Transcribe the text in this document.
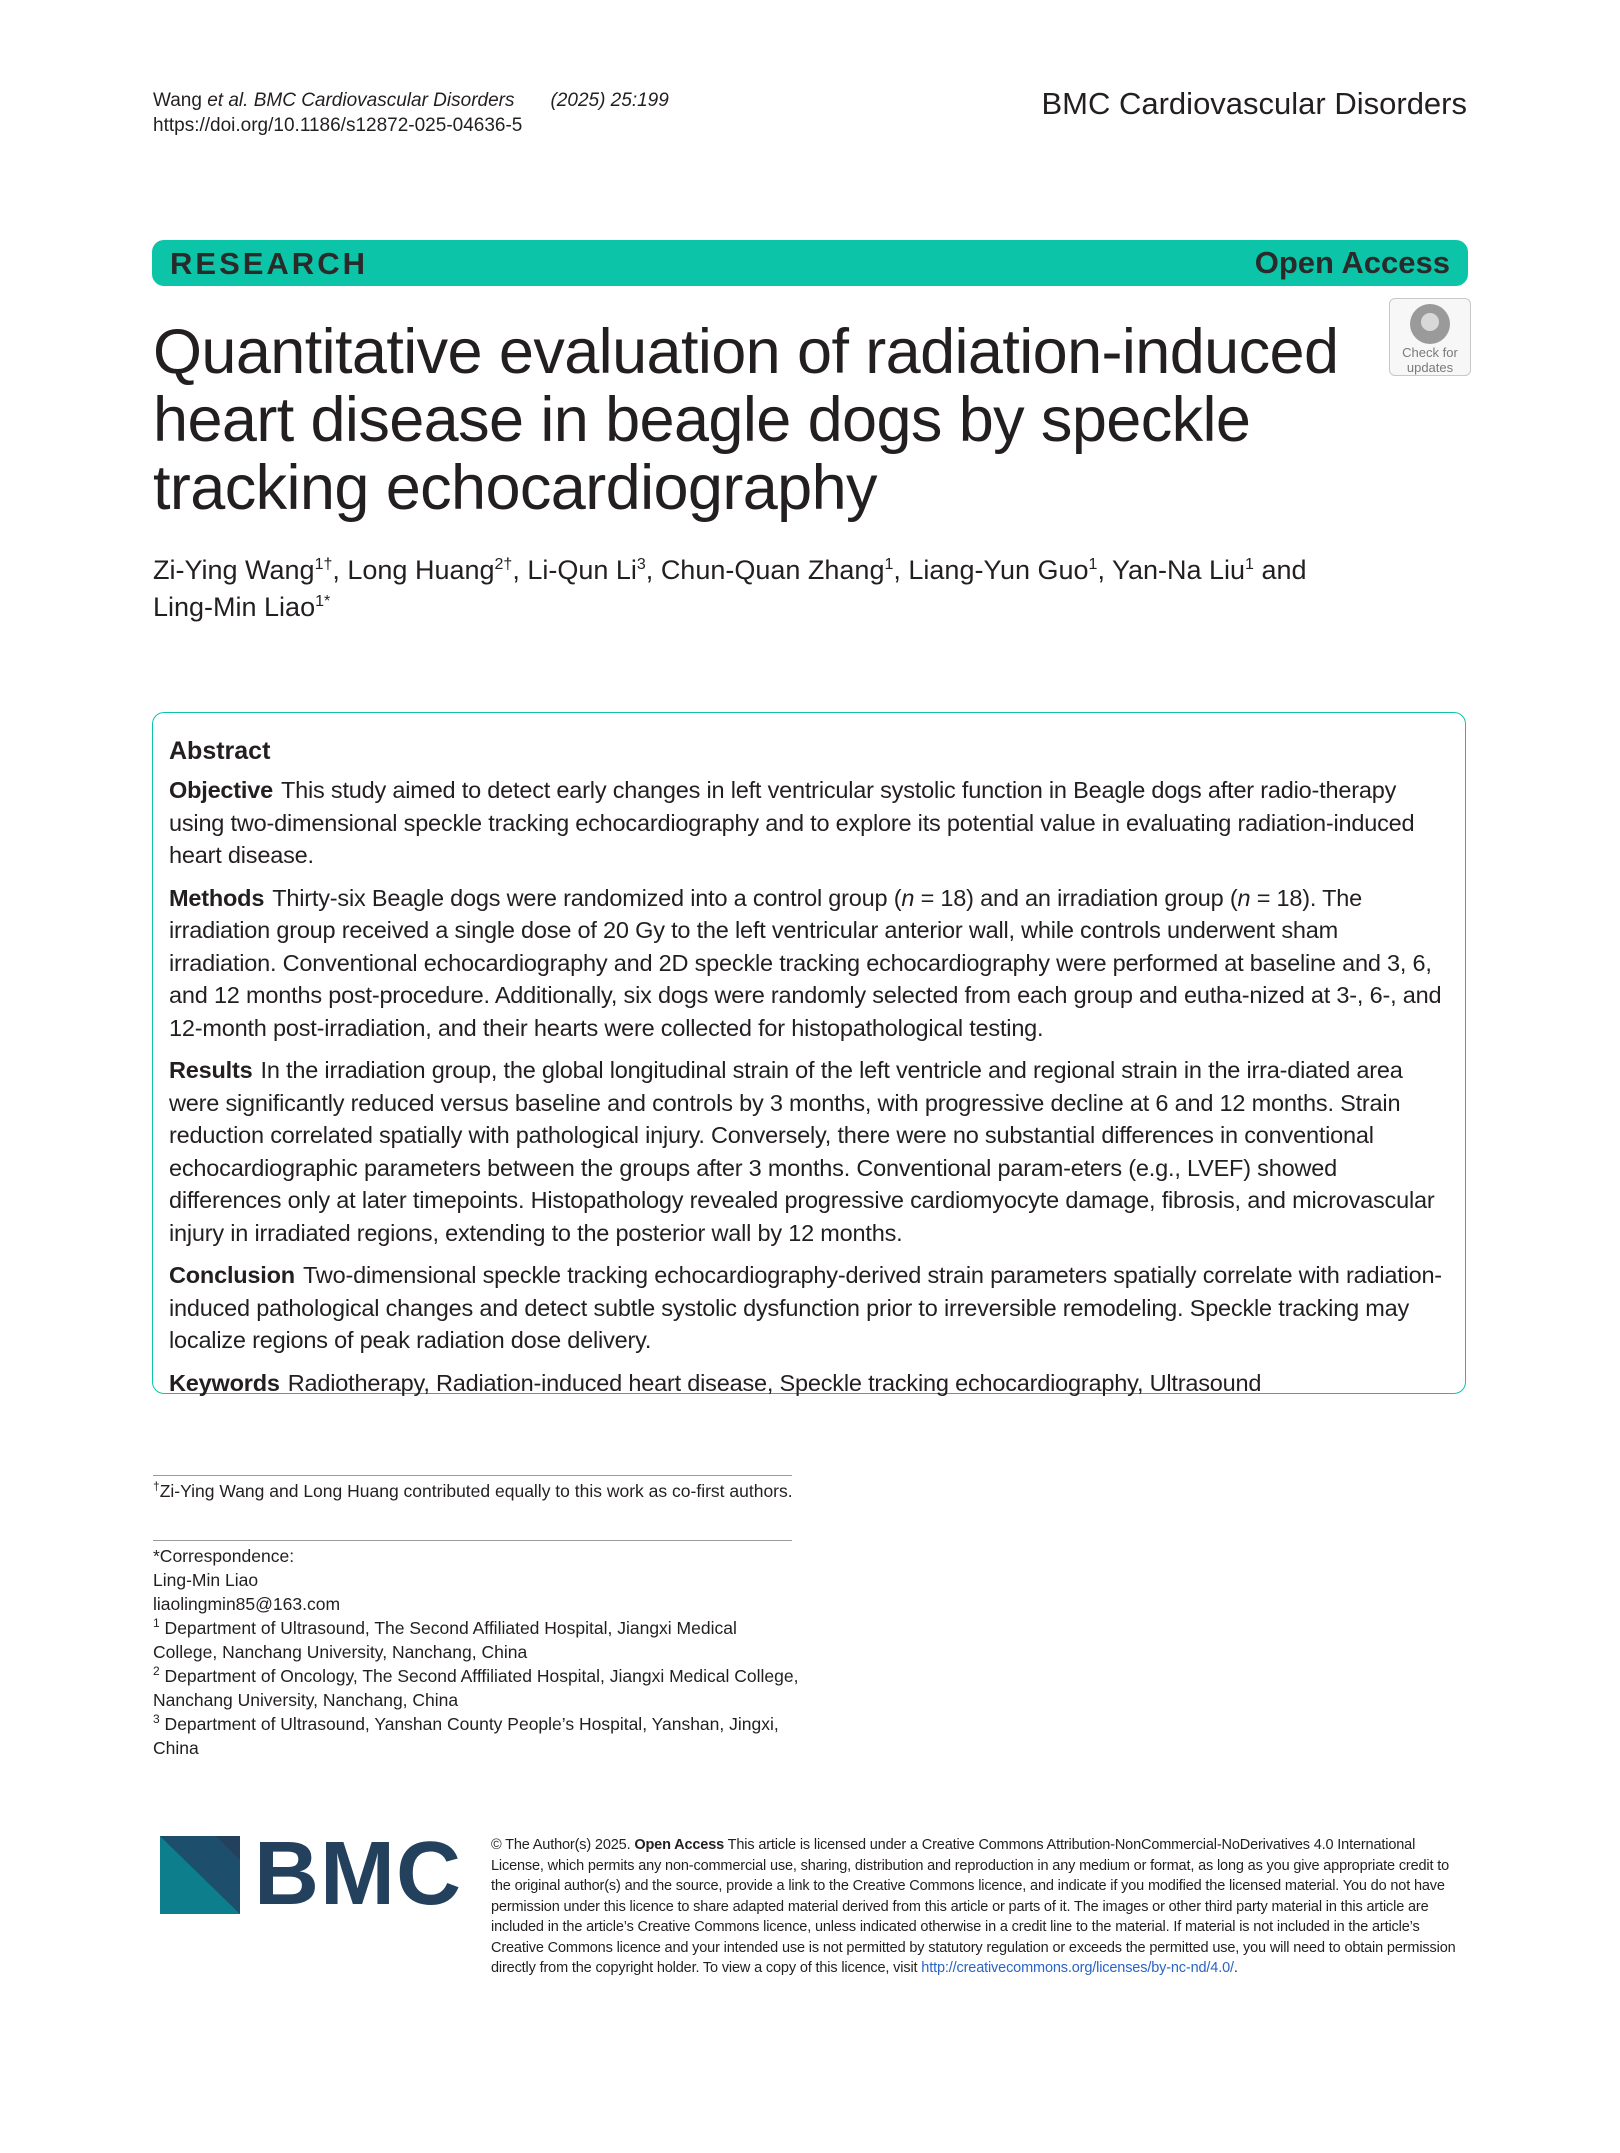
Wang et al. BMC Cardiovascular Disorders (2025) 25:199
https://doi.org/10.1186/s12872-025-04636-5
BMC Cardiovascular Disorders
RESEARCH	Open Access
Quantitative evaluation of radiation-induced heart disease in beagle dogs by speckle tracking echocardiography
Check for
updates
Zi-Ying Wang$^{1\dagger}$, Long Huang$^{2\dagger}$, Li-Qun Li$^3$, Chun-Quan Zhang$^1$, Liang-Yun Guo$^1$, Yan-Na Liu$^1$ and
Ling-Min Liao$^{1*}$
Abstract
Objective This study aimed to detect early changes in left ventricular systolic function in Beagle dogs after radio-therapy using two-dimensional speckle tracking echocardiography and to explore its potential value in evaluating radiation-induced heart disease.
Methods Thirty-six Beagle dogs were randomized into a control group (n = 18) and an irradiation group (n = 18). The irradiation group received a single dose of 20 Gy to the left ventricular anterior wall, while controls underwent sham irradiation. Conventional echocardiography and 2D speckle tracking echocardiography were performed at baseline and 3, 6, and 12 months post-procedure. Additionally, six dogs were randomly selected from each group and eutha-nized at 3-, 6-, and 12-month post-irradiation, and their hearts were collected for histopathological testing.
Results In the irradiation group, the global longitudinal strain of the left ventricle and regional strain in the irra-diated area were significantly reduced versus baseline and controls by 3 months, with progressive decline at 6 and 12 months. Strain reduction correlated spatially with pathological injury. Conversely, there were no substantial differences in conventional echocardiographic parameters between the groups after 3 months. Conventional param-eters (e.g., LVEF) showed differences only at later timepoints. Histopathology revealed progressive cardiomyocyte damage, fibrosis, and microvascular injury in irradiated regions, extending to the posterior wall by 12 months.
Conclusion Two-dimensional speckle tracking echocardiography-derived strain parameters spatially correlate with radiation-induced pathological changes and detect subtle systolic dysfunction prior to irreversible remodeling. Speckle tracking may localize regions of peak radiation dose delivery.
Keywords Radiotherapy, Radiation-induced heart disease, Speckle tracking echocardiography, Ultrasound
†Zi-Ying Wang and Long Huang contributed equally to this work as co-first authors.
*Correspondence:
Ling-Min Liao
liaolingmin85@163.com
$^1$ Department of Ultrasound, The Second Affiliated Hospital, Jiangxi Medical College, Nanchang University, Nanchang, China
$^2$ Department of Oncology, The Second Afffiliated Hospital, Jiangxi Medical College, Nanchang University, Nanchang, China
$^3$ Department of Ultrasound, Yanshan County People’s Hospital, Yanshan, Jingxi, China
BMC © The Author(s) 2025. Open Access This article is licensed under a Creative Commons Attribution-NonCommercial-NoDerivatives 4.0 International License, which permits any non-commercial use, sharing, distribution and reproduction in any medium or format, as long as you give appropriate credit to the original author(s) and the source, provide a link to the Creative Commons licence, and indicate if you modified the licensed material. You do not have permission under this licence to share adapted material derived from this article or parts of it. The images or other third party material in this article are included in the article’s Creative Commons licence, unless indicated otherwise in a credit line to the material. If material is not included in the article’s Creative Commons licence and your intended use is not permitted by statutory regulation or exceeds the permitted use, you will need to obtain permission directly from the copyright holder. To view a copy of this licence, visit http://creativecommons.org/licenses/by-nc-nd/4.0/.
